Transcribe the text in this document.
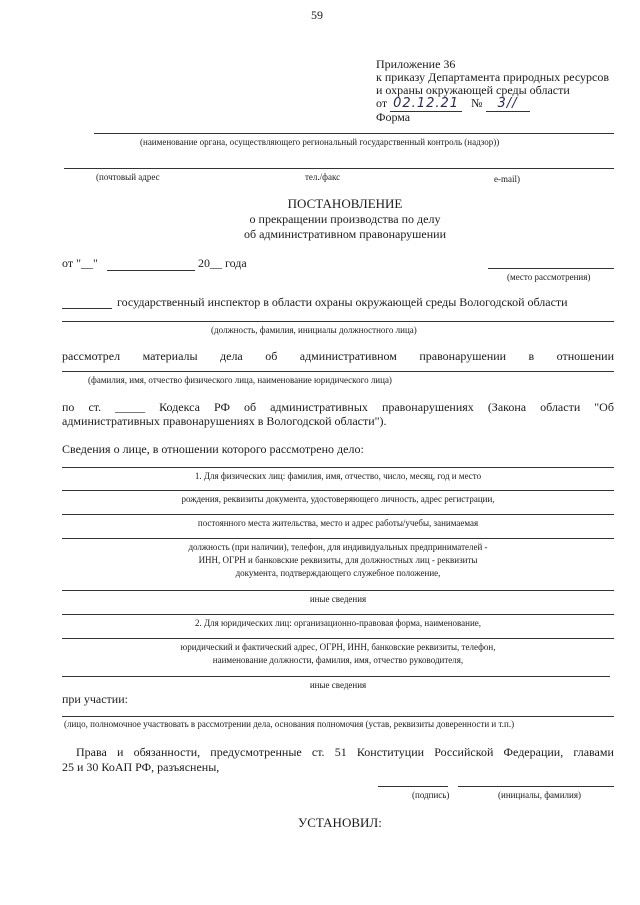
59
Приложение 36
к приказу Департамента природных ресурсов
и охраны окружающей среды области
от 02.12.21 № 3//
Форма
(наименование органа, осуществляющего региональный государственный контроль (надзор))
(почтовый адрес	тел./факс	e-mail)
ПОСТАНОВЛЕНИЕ
о прекращении производства по делу
об административном правонарушении
от "__"	20__ года
(место рассмотрения)
государственный инспектор в области охраны окружающей среды Вологодской области
(должность, фамилия, инициалы должностного лица)
рассмотрел материалы дела об административном правонарушении в отношении
(фамилия, имя, отчество физического лица, наименование юридического лица)
по ст. _____ Кодекса РФ об административных правонарушениях (Закона области "Об
административных правонарушениях в Вологодской области").
Сведения о лице, в отношении которого рассмотрено дело:
1. Для физических лиц: фамилия, имя, отчество, число, месяц, год и место
рождения, реквизиты документа, удостоверяющего личность, адрес регистрации,
постоянного места жительства, место и адрес работы/учебы, занимаемая
должность (при наличии), телефон, для индивидуальных предпринимателей -
ИНН, ОГРН и банковские реквизиты, для должностных лиц - реквизиты
документа, подтверждающего служебное положение,
иные сведения
2. Для юридических лиц: организационно-правовая форма, наименование,
юридический и фактический адрес, ОГРН, ИНН, банковские реквизиты, телефон,
наименование должности, фамилия, имя, отчество руководителя,
иные сведения
при участии:
(лицо, полномочное участвовать в рассмотрении дела, основания полномочия (устав, реквизиты доверенности и т.п.)
Права и обязанности, предусмотренные ст. 51 Конституции Российской Федерации, главами
25 и 30 КоАП РФ, разъяснены,
(подпись)	(инициалы, фамилия)
УСТАНОВИЛ:
